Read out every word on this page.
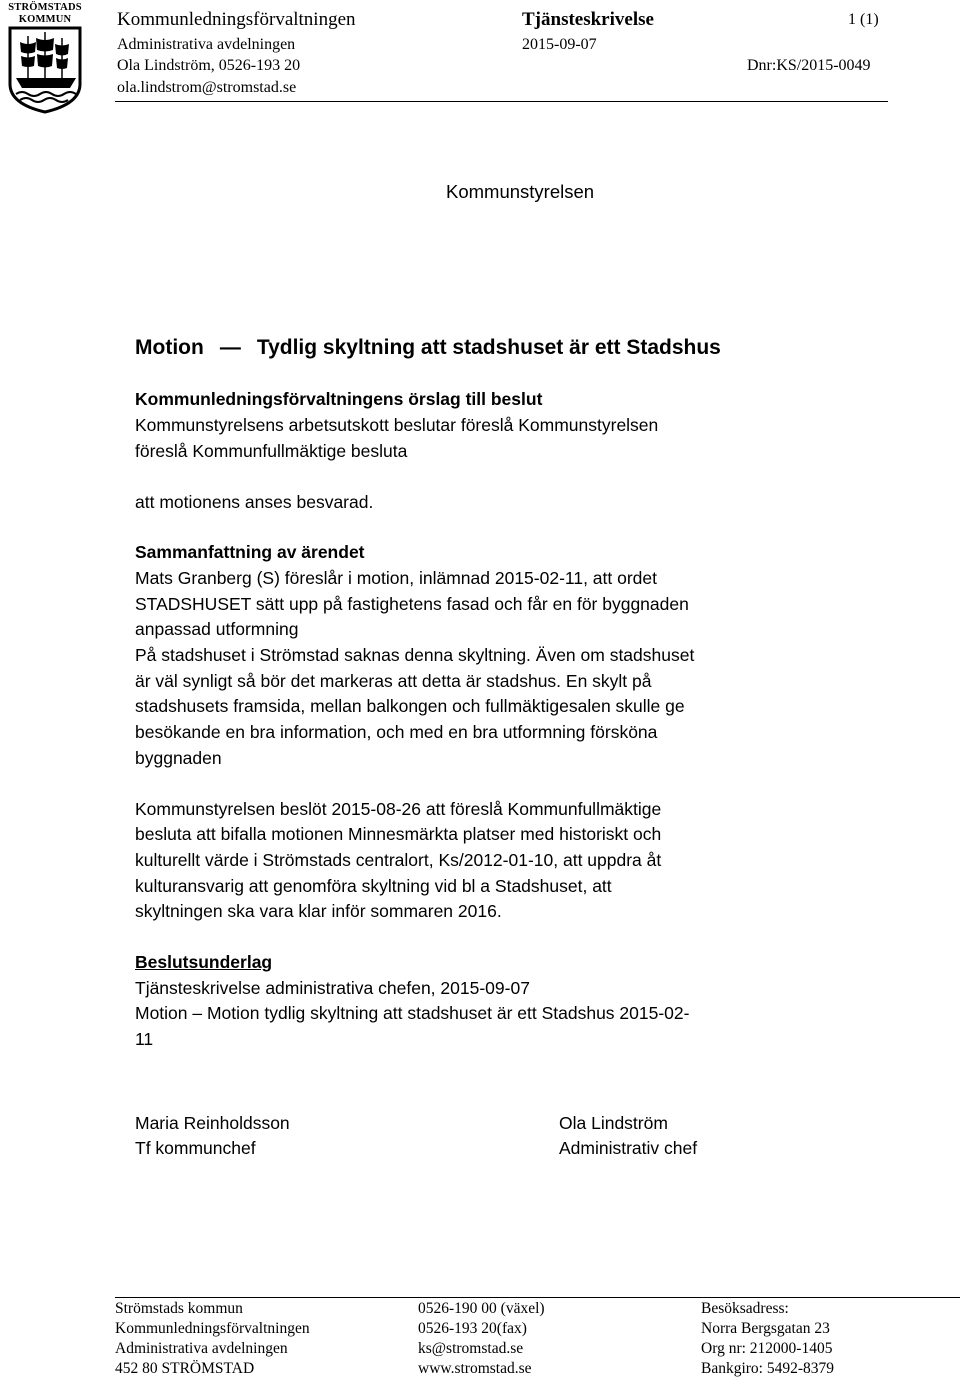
STRÖMSTADS
KOMMUN	Kommunledningsförvaltningen
Administrativa avdelningen
Ola Lindström, 0526-193 20
ola.lindstrom@stromstad.se
Tjänsteskrivelse
2015-09-07
1 (1)
Dnr:KS/2015-0049
Kommunstyrelsen
Motion — Tydlig skyltning att stadshuset är ett Stadshus
Kommunledningsförvaltningens örslag till beslut
Kommunstyrelsens arbetsutskott beslutar föreslå Kommunstyrelsen
föreslå Kommunfullmäktige besluta
att motionens anses besvarad.
Sammanfattning av ärendet
Mats Granberg (S) föreslår i motion, inlämnad 2015-02-11, att ordet
STADSHUSET sätt upp på fastighetens fasad och får en för byggnaden
anpassad utformning
På stadshuset i Strömstad saknas denna skyltning. Även om stadshuset
är väl synligt så bör det markeras att detta är stadshus. En skylt på
stadshusets framsida, mellan balkongen och fullmäktigesalen skulle ge
besökande en bra information, och med en bra utformning försköna
byggnaden
Kommunstyrelsen beslöt 2015-08-26 att föreslå Kommunfullmäktige
besluta att bifalla motionen Minnesmärkta platser med historiskt och
kulturellt värde i Strömstads centralort, Ks/2012-01-10, att uppdra åt
kulturansvarig att genomföra skyltning vid bl a Stadshuset, att
skyltningen ska vara klar inför sommaren 2016.
Beslutsunderlag
Tjänsteskrivelse administrativa chefen, 2015-09-07
Motion – Motion tydlig skyltning att stadshuset är ett Stadshus 2015-02-
11
Maria Reinholdsson
Tf kommunchef
Ola Lindström
Administrativ chef
Strömstads kommun
Kommunledningsförvaltningen
Administrativa avdelningen
452 80 STRÖMSTAD
0526-190 00 (växel)
0526-193 20(fax)
ks@stromstad.se
www.stromstad.se
Besöksadress:
Norra Bergsgatan 23
Org nr: 212000-1405
Bankgiro: 5492-8379
